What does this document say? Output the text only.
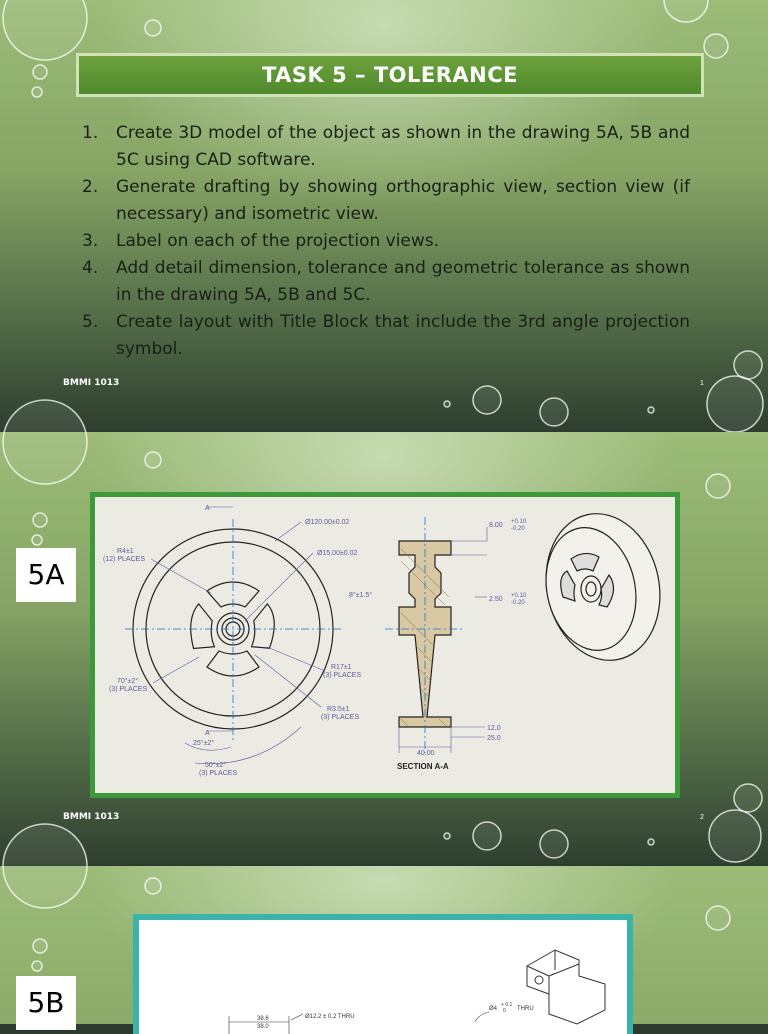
TASK 5 – TOLERANCE
1.	Create 3D model of the object as shown in the drawing 5A, 5B and 5C using CAD software.
2.	Generate drafting by showing orthographic view, section view (if necessary) and isometric view.
3.	Label on each of the projection views.
4.	Add detail dimension, tolerance and geometric tolerance as shown in the drawing 5A, 5B and 5C.
5.	Create layout with Title Block that include the 3rd angle projection symbol.
BMMI 1013	1
5A
Ø120.00±0.02
Ø15.00±0.02
R4±1
(12) PLACES
8°±1.5°
R17±1
(3) PLACES
R3.5±1
(3) PLACES
70°±2°
(3) PLACES
25°±2°
50°±2°
(3) PLACES
A
A
8.00 +0.10
-0.20
2.50 +0.10
-0.20
12.0
25.0
40.00
SECTION A-A
BMMI 1013	2
5B	38.6
38.0
Ø12.2 ± 0.2 THRU
Ø4
+ 0.1
0 THRU
